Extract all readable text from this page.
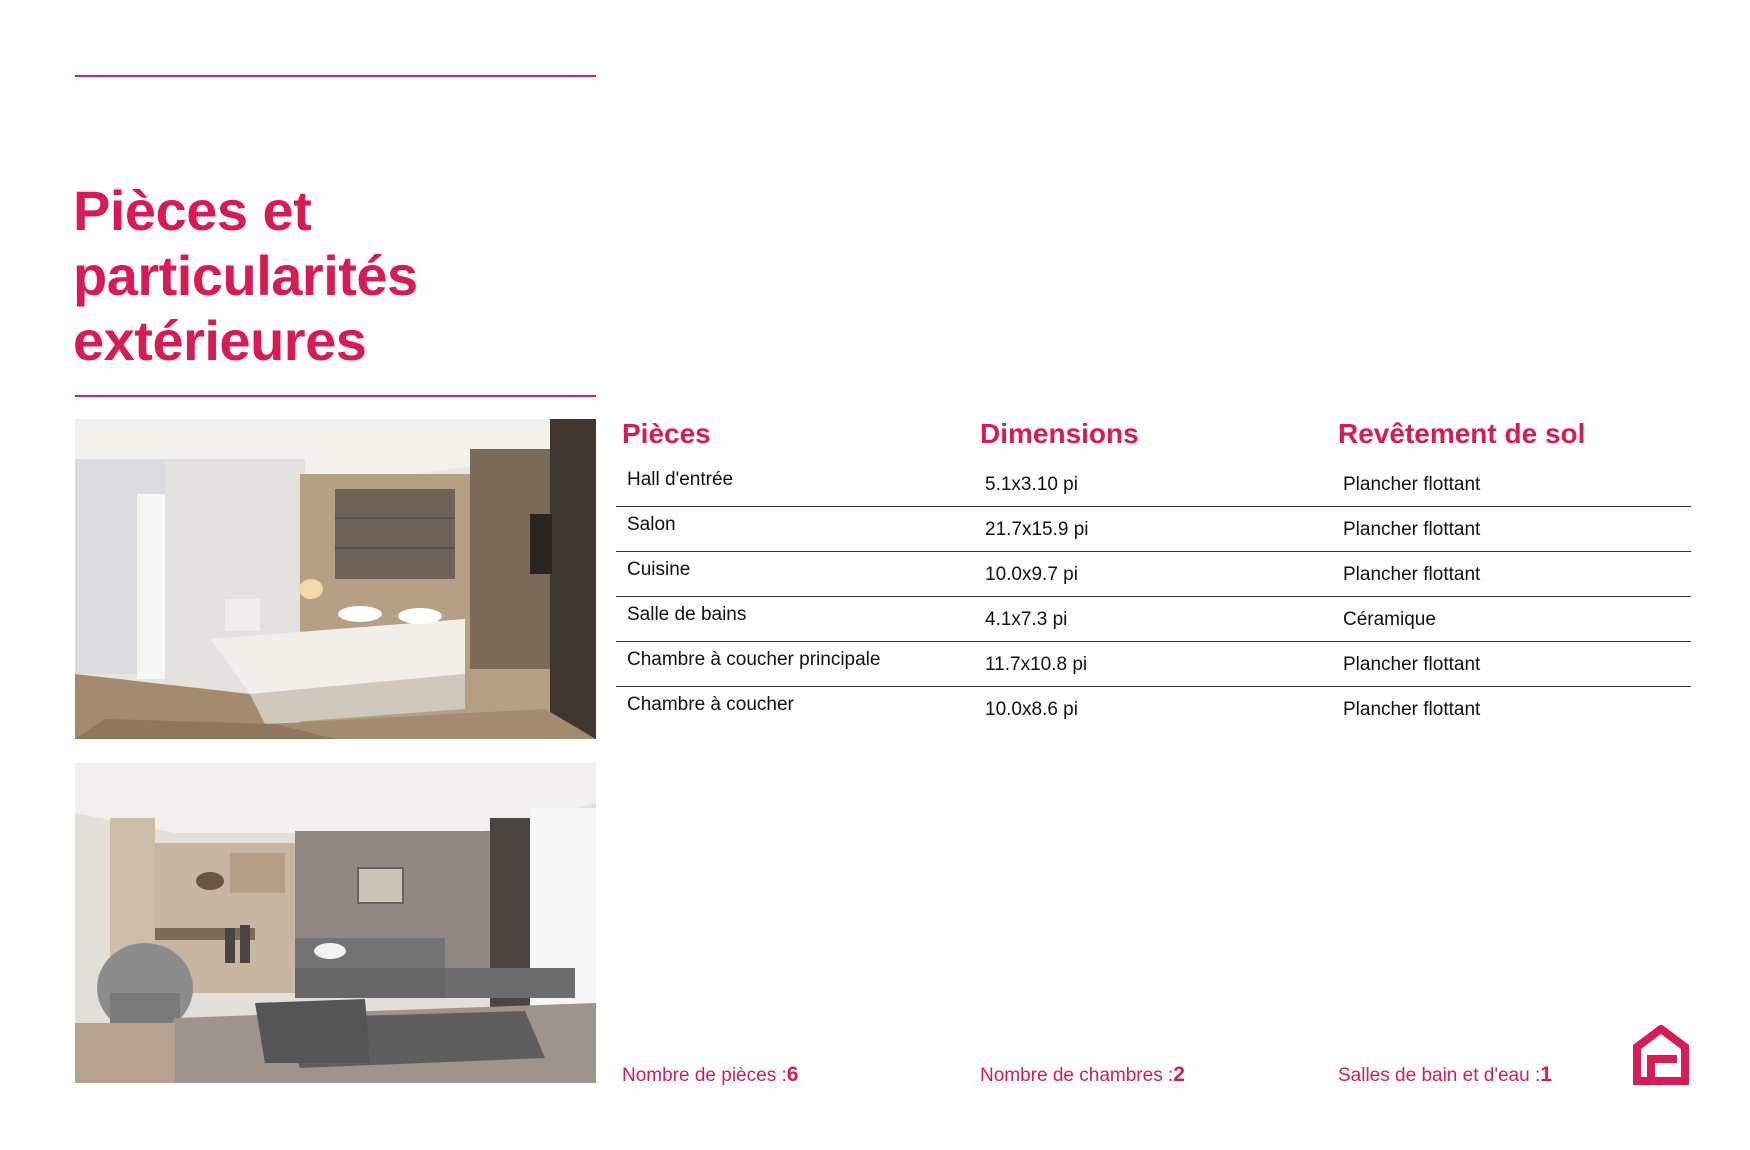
Pièces et particularités extérieures
Pièces	Dimensions	Revêtement de sol
Hall d'entrée	5.1x3.10 pi	Plancher flottant
Salon	21.7x15.9 pi	Plancher flottant
Cuisine	10.0x9.7 pi	Plancher flottant
Salle de bains	4.1x7.3 pi	Céramique
Chambre à coucher principale	11.7x10.8 pi	Plancher flottant
Chambre à coucher	10.0x8.6 pi	Plancher flottant
Nombre de pièces :6	Nombre de chambres :2	Salles de bain et d'eau :1
